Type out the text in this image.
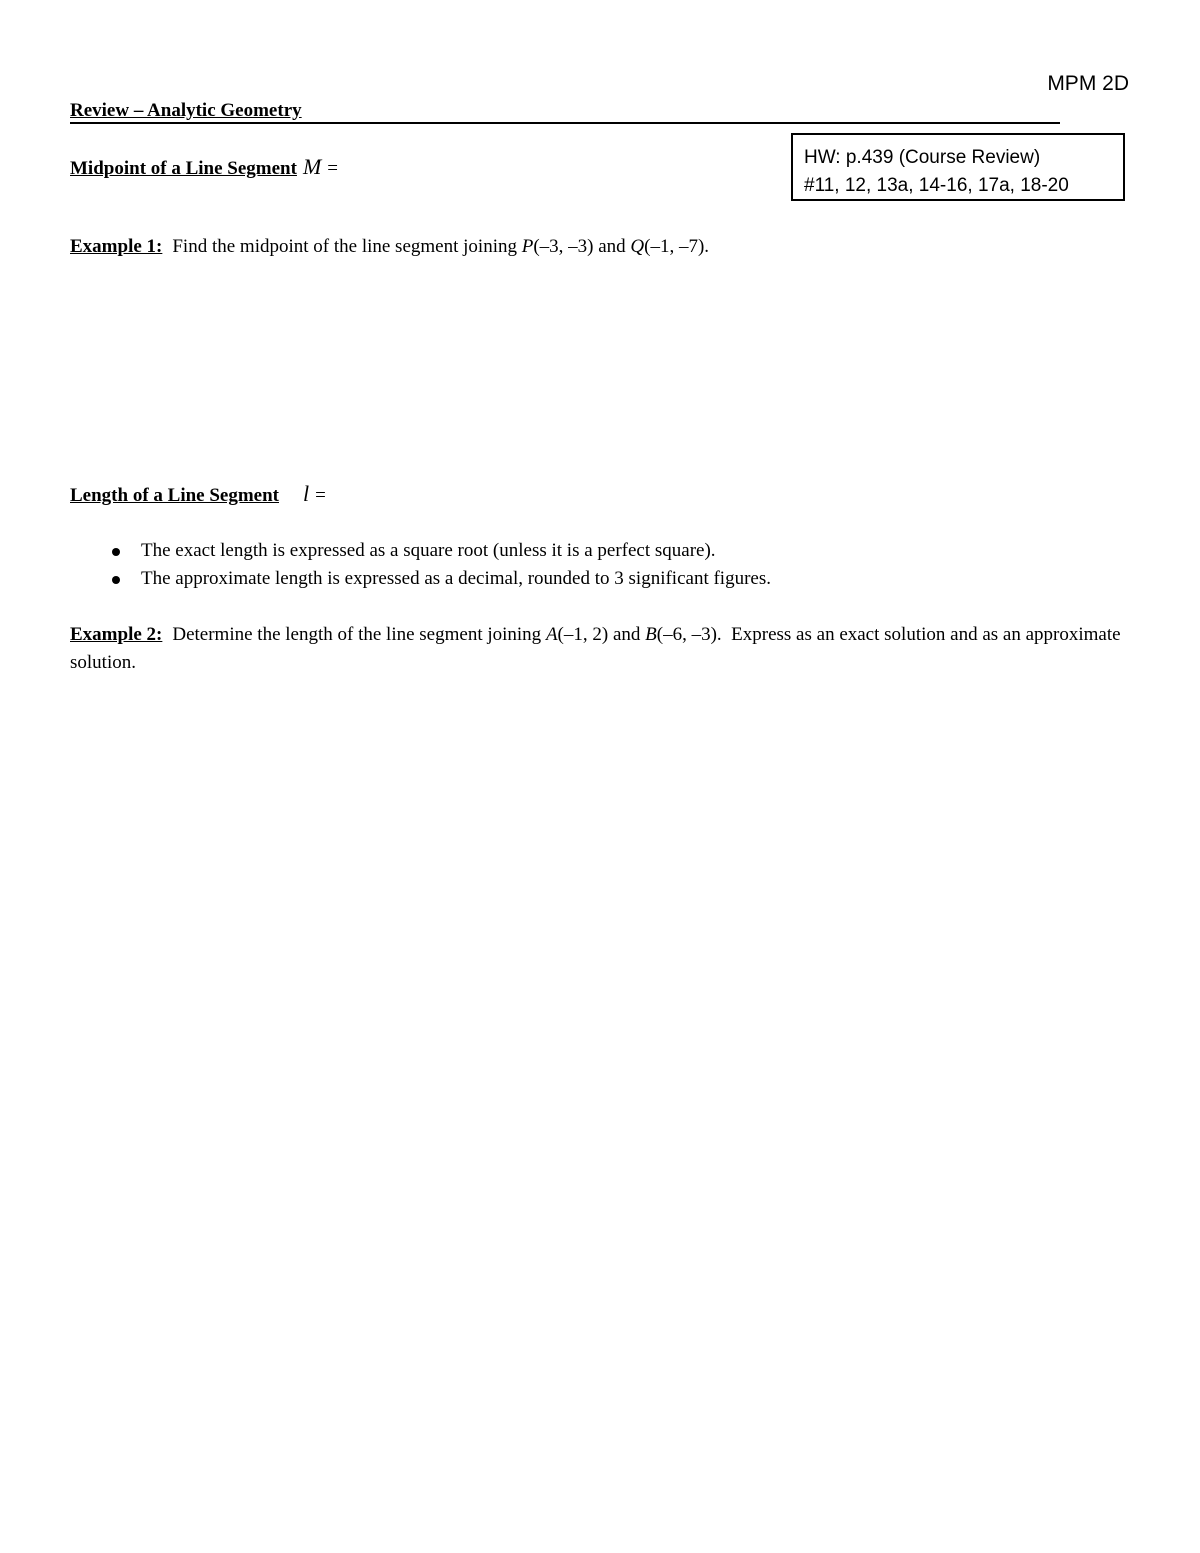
MPM 2D
Review – Analytic Geometry
HW: p.439 (Course Review)
#11, 12, 13a, 14-16, 17a, 18-20
Midpoint of a Line Segment M =
Example 1: Find the midpoint of the line segment joining P(–3, –3) and Q(–1, –7).
Length of a Line Segment l =
The exact length is expressed as a square root (unless it is a perfect square).
The approximate length is expressed as a decimal, rounded to 3 significant figures.
Example 2: Determine the length of the line segment joining A(–1, 2) and B(–6, –3).  Express as an exact solution and as an approximate solution.
